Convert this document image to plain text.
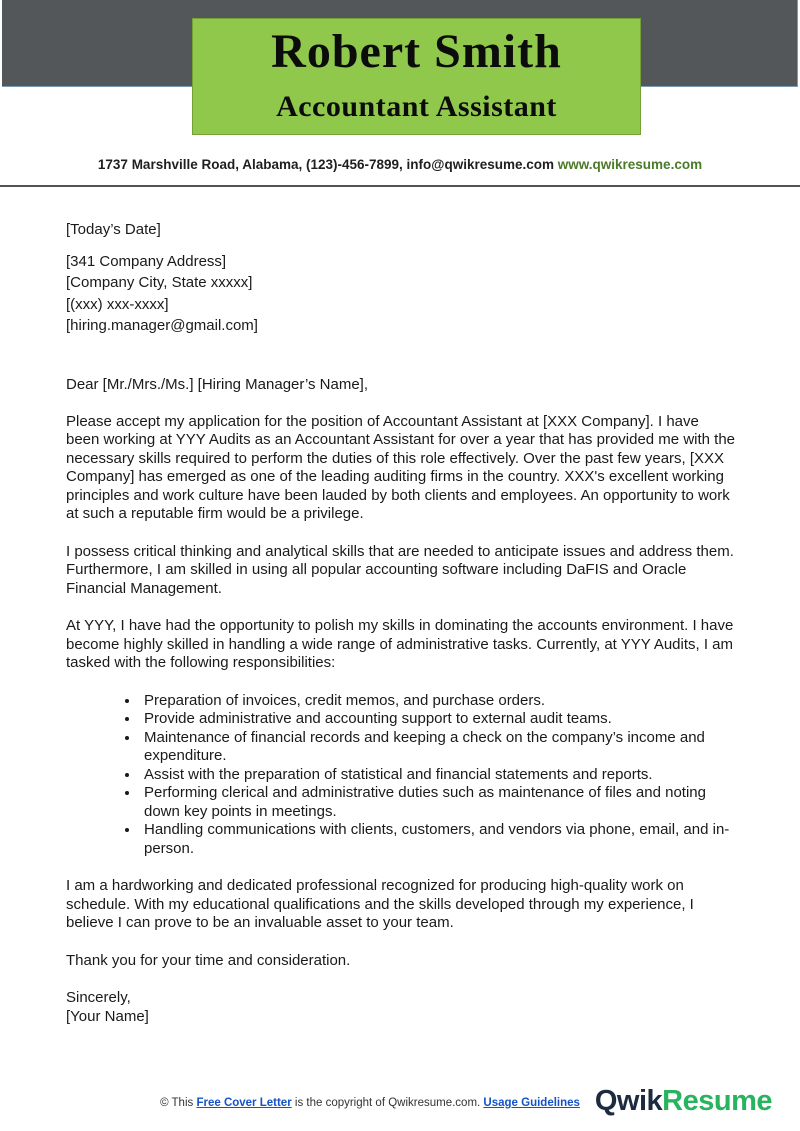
Robert Smith
Accountant Assistant
1737 Marshville Road, Alabama, (123)-456-7899, info@qwikresume.com www.qwikresume.com

[Today’s Date]

[341 Company Address]

[Company City, State xxxxx]

[(xxx) xxx-xxxx]

[hiring.manager@gmail.com]

Dear [Mr./Mrs./Ms.] [Hiring Manager’s Name],

Please accept my application for the position of Accountant Assistant at [XXX Company]. I have been working at YYY Audits as an Accountant Assistant for over a year that has provided me with the necessary skills required to perform the duties of this role effectively. Over the past few years, [XXX Company] has emerged as one of the leading auditing firms in the country. XXX's excellent working principles and work culture have been lauded by both clients and employees. An opportunity to work at such a reputable firm would be a privilege.

I possess critical thinking and analytical skills that are needed to anticipate issues and address them. Furthermore, I am skilled in using all popular accounting software including DaFIS and Oracle Financial Management.

At YYY, I have had the opportunity to polish my skills in dominating the accounts environment. I have become highly skilled in handling a wide range of administrative tasks. Currently, at YYY Audits, I am tasked with the following responsibilities:

• Preparation of invoices, credit memos, and purchase orders.
• Provide administrative and accounting support to external audit teams.
• Maintenance of financial records and keeping a check on the company’s income and expenditure.
• Assist with the preparation of statistical and financial statements and reports.
• Performing clerical and administrative duties such as maintenance of files and noting down key points in meetings.
• Handling communications with clients, customers, and vendors via phone, email, and in-person.

I am a hardworking and dedicated professional recognized for producing high-quality work on schedule. With my educational qualifications and the skills developed through my experience, I believe I can prove to be an invaluable asset to your team.

Thank you for your time and consideration.

Sincerely,

[Your Name]

© This Free Cover Letter is the copyright of Qwikresume.com. Usage Guidelines QwikResume
